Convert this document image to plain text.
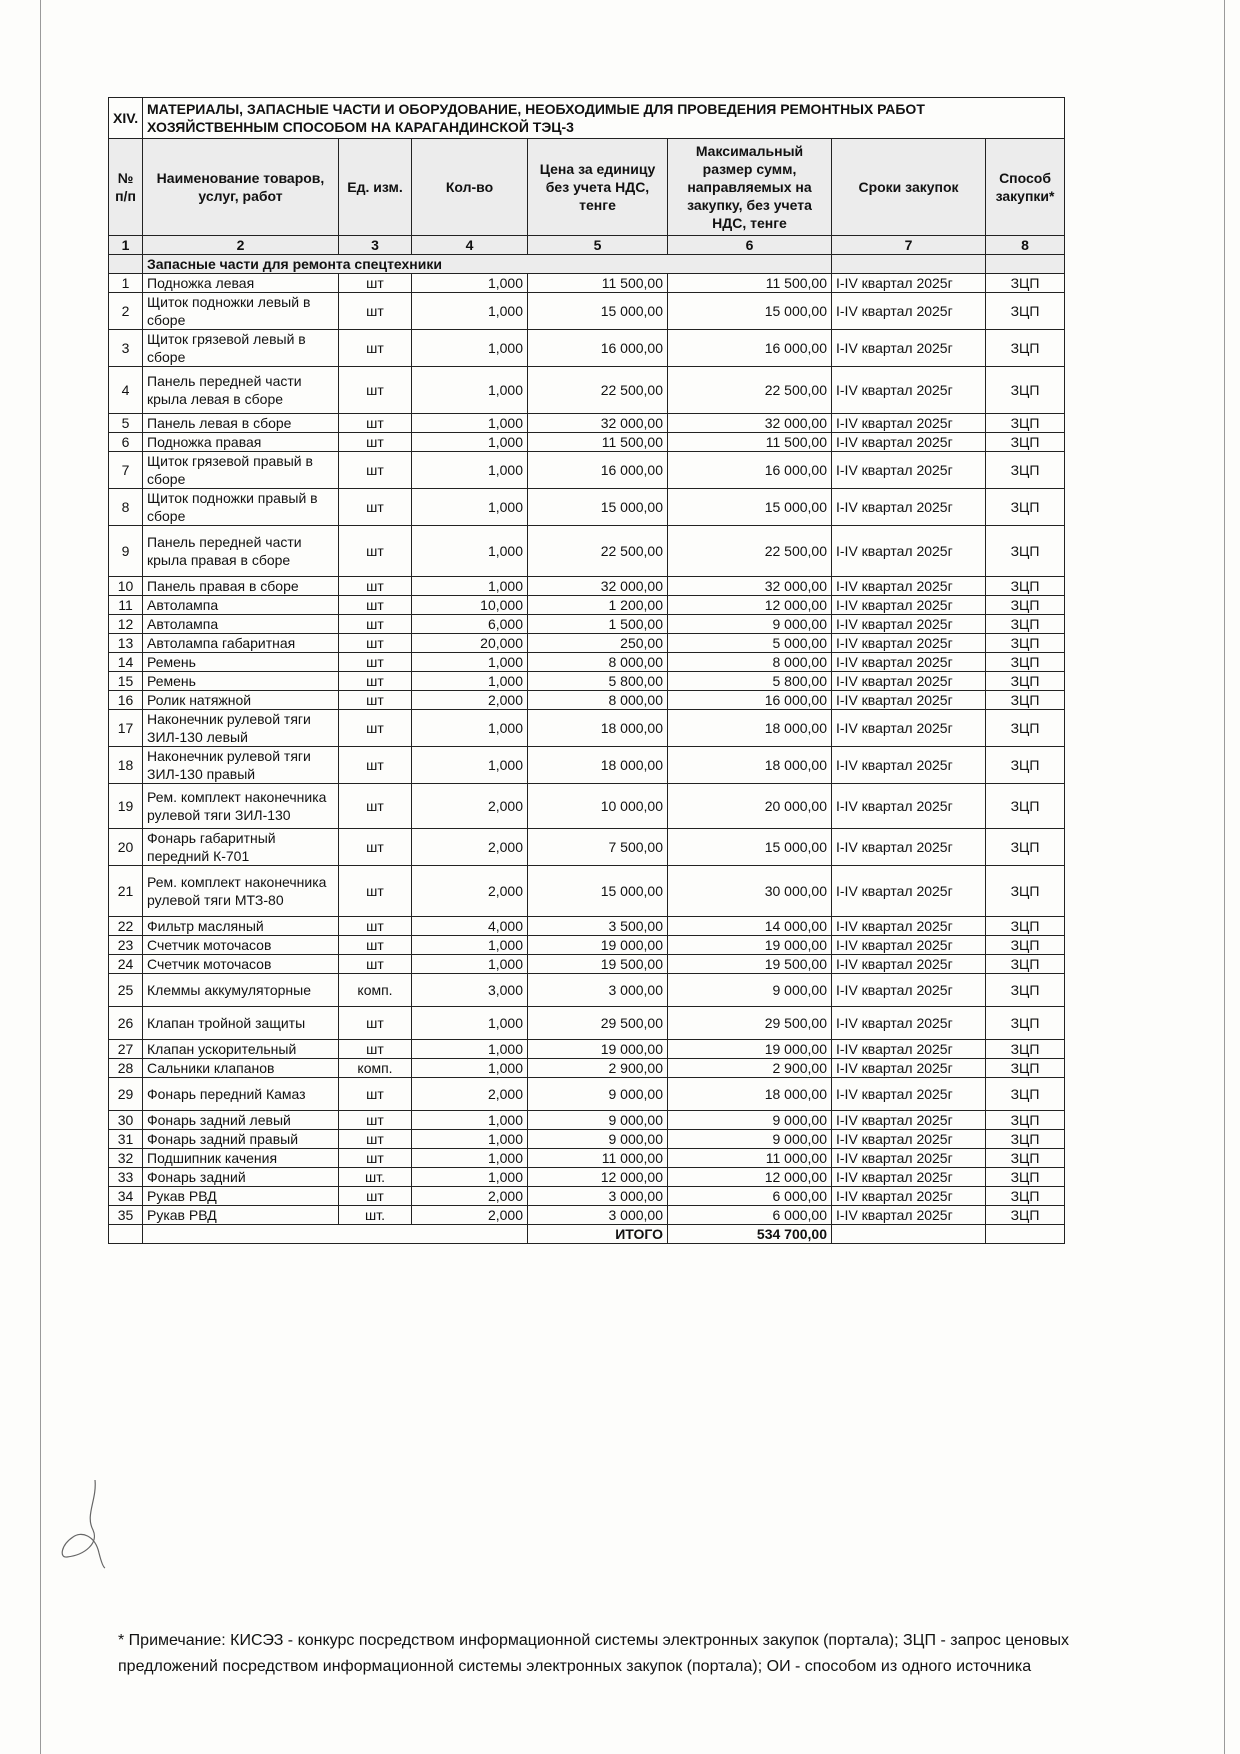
XIV.	МАТЕРИАЛЫ, ЗАПАСНЫЕ ЧАСТИ И ОБОРУДОВАНИЕ, НЕОБХОДИМЫЕ ДЛЯ ПРОВЕДЕНИЯ РЕМОНТНЫХ РАБОТ ХОЗЯЙСТВЕННЫМ СПОСОБОМ НА КАРАГАНДИНСКОЙ ТЭЦ-3						
№ п/п	Наименование товаров, услуг, работ	Ед. изм.	Кол-во	Цена за единицу без учета НДС, тенге	Максимальный размер сумм, направляемых на закупку, без учета НДС, тенге	Сроки закупок	Способ закупки*
1	2	3	4	5	6	7	8
	Запасные части для ремонта спецтехники						
1	Подножка левая	шт	1,000	11 500,00	11 500,00	I-IV квартал 2025г	ЗЦП
2	Щиток подножки левый в сборе	шт	1,000	15 000,00	15 000,00	I-IV квартал 2025г	ЗЦП
3	Щиток грязевой левый в сборе	шт	1,000	16 000,00	16 000,00	I-IV квартал 2025г	ЗЦП
4	Панель передней части крыла левая в сборе	шт	1,000	22 500,00	22 500,00	I-IV квартал 2025г	ЗЦП
5	Панель левая в сборе	шт	1,000	32 000,00	32 000,00	I-IV квартал 2025г	ЗЦП
6	Подножка правая	шт	1,000	11 500,00	11 500,00	I-IV квартал 2025г	ЗЦП
7	Щиток грязевой правый в сборе	шт	1,000	16 000,00	16 000,00	I-IV квартал 2025г	ЗЦП
8	Щиток подножки правый в сборе	шт	1,000	15 000,00	15 000,00	I-IV квартал 2025г	ЗЦП
9	Панель передней части крыла правая в сборе	шт	1,000	22 500,00	22 500,00	I-IV квартал 2025г	ЗЦП
10	Панель правая в сборе	шт	1,000	32 000,00	32 000,00	I-IV квартал 2025г	ЗЦП
11	Автолампа	шт	10,000	1 200,00	12 000,00	I-IV квартал 2025г	ЗЦП
12	Автолампа	шт	6,000	1 500,00	9 000,00	I-IV квартал 2025г	ЗЦП
13	Автолампа габаритная	шт	20,000	250,00	5 000,00	I-IV квартал 2025г	ЗЦП
14	Ремень	шт	1,000	8 000,00	8 000,00	I-IV квартал 2025г	ЗЦП
15	Ремень	шт	1,000	5 800,00	5 800,00	I-IV квартал 2025г	ЗЦП
16	Ролик натяжной	шт	2,000	8 000,00	16 000,00	I-IV квартал 2025г	ЗЦП
17	Наконечник рулевой тяги ЗИЛ-130 левый	шт	1,000	18 000,00	18 000,00	I-IV квартал 2025г	ЗЦП
18	Наконечник рулевой тяги ЗИЛ-130 правый	шт	1,000	18 000,00	18 000,00	I-IV квартал 2025г	ЗЦП
19	Рем. комплект наконечника рулевой тяги ЗИЛ-130	шт	2,000	10 000,00	20 000,00	I-IV квартал 2025г	ЗЦП
20	Фонарь габаритный передний К-701	шт	2,000	7 500,00	15 000,00	I-IV квартал 2025г	ЗЦП
21	Рем. комплект наконечника рулевой тяги МТЗ-80	шт	2,000	15 000,00	30 000,00	I-IV квартал 2025г	ЗЦП
22	Фильтр масляный	шт	4,000	3 500,00	14 000,00	I-IV квартал 2025г	ЗЦП
23	Счетчик моточасов	шт	1,000	19 000,00	19 000,00	I-IV квартал 2025г	ЗЦП
24	Счетчик моточасов	шт	1,000	19 500,00	19 500,00	I-IV квартал 2025г	ЗЦП
25	Клеммы аккумуляторные	комп.	3,000	3 000,00	9 000,00	I-IV квартал 2025г	ЗЦП
26	Клапан тройной защиты	шт	1,000	29 500,00	29 500,00	I-IV квартал 2025г	ЗЦП
27	Клапан ускорительный	шт	1,000	19 000,00	19 000,00	I-IV квартал 2025г	ЗЦП
28	Сальники клапанов	комп.	1,000	2 900,00	2 900,00	I-IV квартал 2025г	ЗЦП
29	Фонарь передний Камаз	шт	2,000	9 000,00	18 000,00	I-IV квартал 2025г	ЗЦП
30	Фонарь задний левый	шт	1,000	9 000,00	9 000,00	I-IV квартал 2025г	ЗЦП
31	Фонарь задний правый	шт	1,000	9 000,00	9 000,00	I-IV квартал 2025г	ЗЦП
32	Подшипник качения	шт	1,000	11 000,00	11 000,00	I-IV квартал 2025г	ЗЦП
33	Фонарь задний	шт.	1,000	12 000,00	12 000,00	I-IV квартал 2025г	ЗЦП
34	Рукав РВД	шт	2,000	3 000,00	6 000,00	I-IV квартал 2025г	ЗЦП
35	Рукав РВД	шт.	2,000	3 000,00	6 000,00	I-IV квартал 2025г	ЗЦП
				ИТОГО	534 700,00		
* Примечание: КИСЭЗ - конкурс посредством информационной системы электронных закупок (портала); ЗЦП - запрос ценовых предложений посредством информационной системы электронных закупок (портала); ОИ - способом из одного источника
